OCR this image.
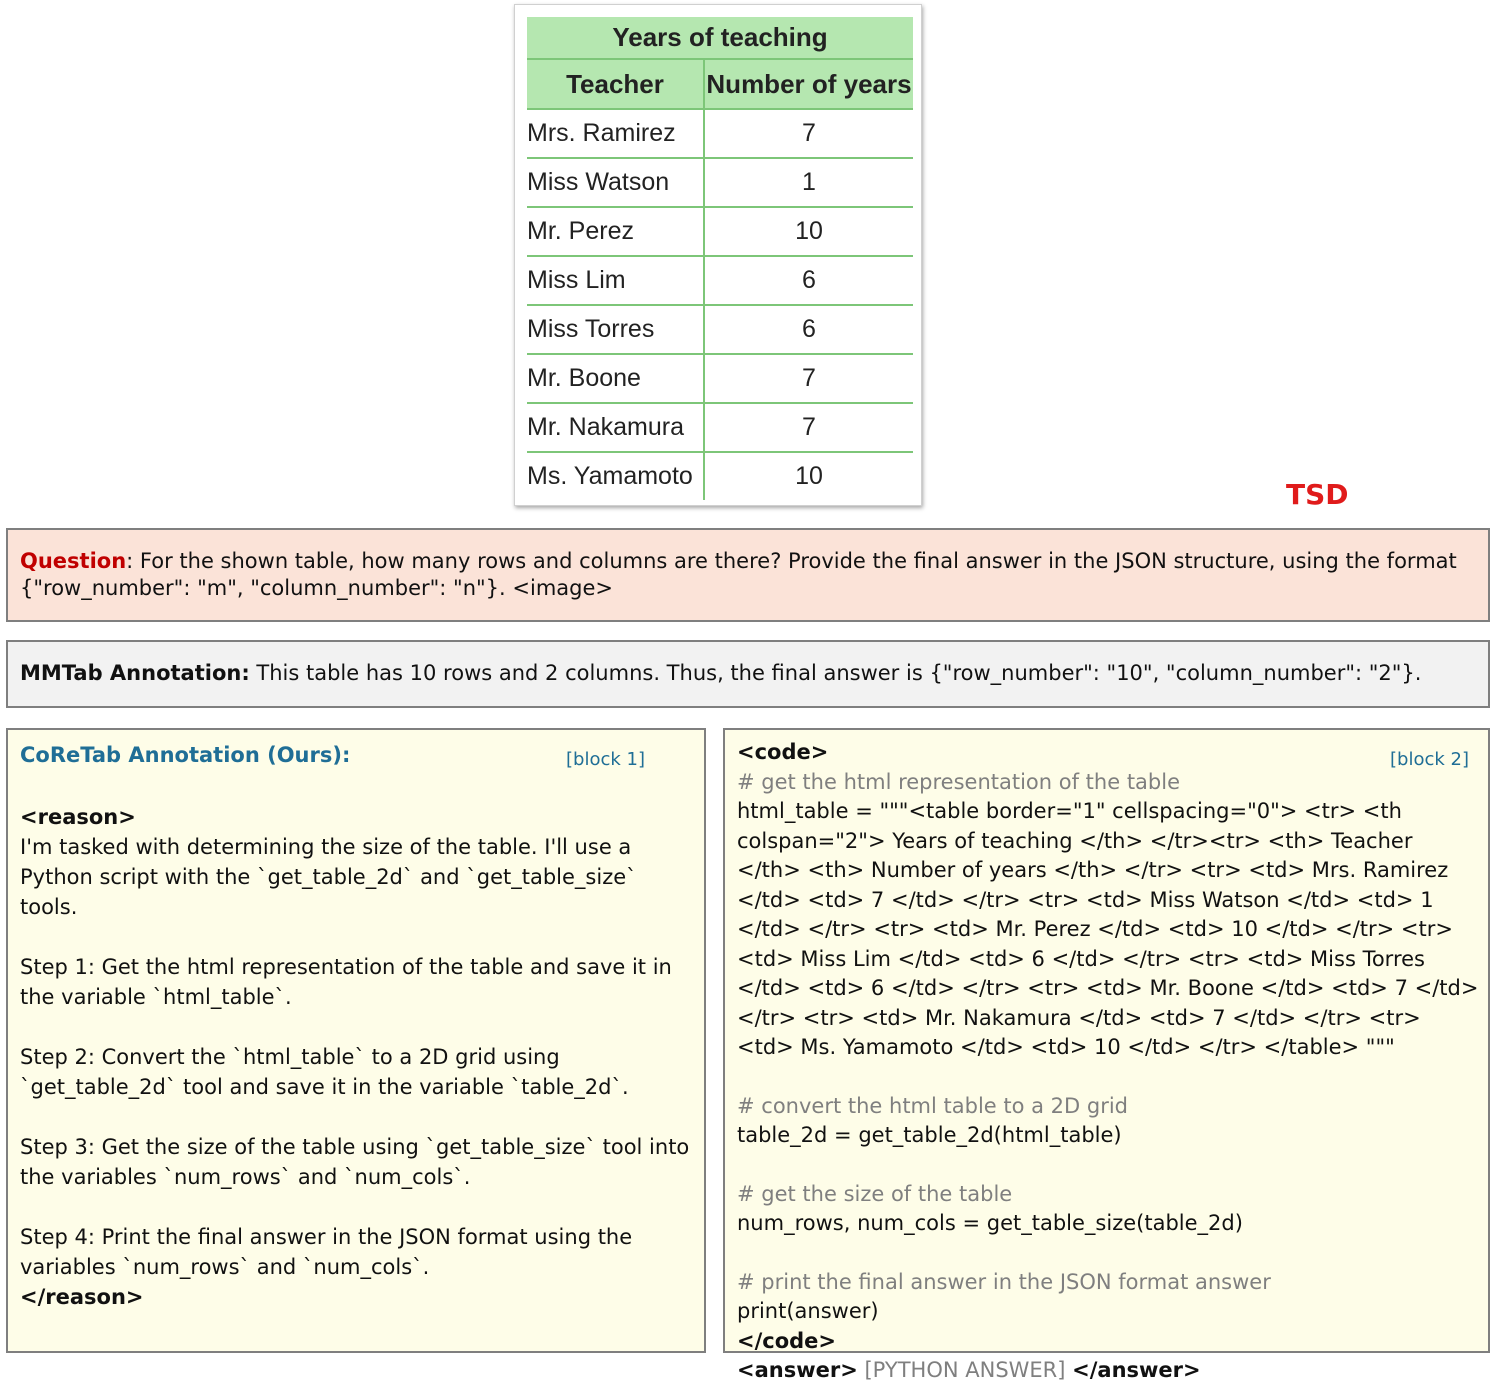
Years of teaching	
Teacher	Number of years
Mrs. Ramirez	7
Miss Watson	1
Mr. Perez	10
Miss Lim	6
Miss Torres	6
Mr. Boone	7
Mr. Nakamura	7
Ms. Yamamoto	10
TSD
Question: For the shown table, how many rows and columns are there? Provide the final answer in the JSON structure, using the format {"row_number": "m", "column_number": "n"}. <image>
MMTab Annotation: This table has 10 rows and 2 columns. Thus, the final answer is {"row_number": "10", "column_number": "2"}.
CoReTab Annotation (Ours):	[block 1]
<reason>

I'm tasked with determining the size of the table. I'll use a Python script with the `get_table_2d` and `get_table_size` tools.

Step 1: Get the html representation of the table and save it in the variable `html_table`.

Step 2: Convert the `html_table` to a 2D grid using `get_table_2d` tool and save it in the variable `table_2d`.

Step 3: Get the size of the table using `get_table_size` tool into the variables `num_rows` and `num_cols`.

Step 4: Print the final answer in the JSON format using the variables `num_rows` and `num_cols`.

</reason>
[block 2]
<code>
# get the html representation of the table
html_table = """<table border="1" cellspacing="0"> <tr> <th colspan="2"> Years of teaching </th> </tr><tr> <th> Teacher </th> <th> Number of years </th> </tr> <tr> <td> Mrs. Ramirez </td> <td> 7 </td> </tr> <tr> <td> Miss Watson </td> <td> 1 </td> </tr> <tr> <td> Mr. Perez </td> <td> 10 </td> </tr> <tr> <td> Miss Lim </td> <td> 6 </td> </tr> <tr> <td> Miss Torres </td> <td> 6 </td> </tr> <tr> <td> Mr. Boone </td> <td> 7 </td> </tr> <tr> <td> Mr. Nakamura </td> <td> 7 </td> </tr> <tr> <td> Ms. Yamamoto </td> <td> 10 </td> </tr> </table> """
# convert the html table to a 2D grid
table_2d = get_table_2d(html_table)
# get the size of the table
num_rows, num_cols = get_table_size(table_2d)
# print the final answer in the JSON format answer
print(answer)
</code>
<answer> [PYTHON ANSWER] </answer>
